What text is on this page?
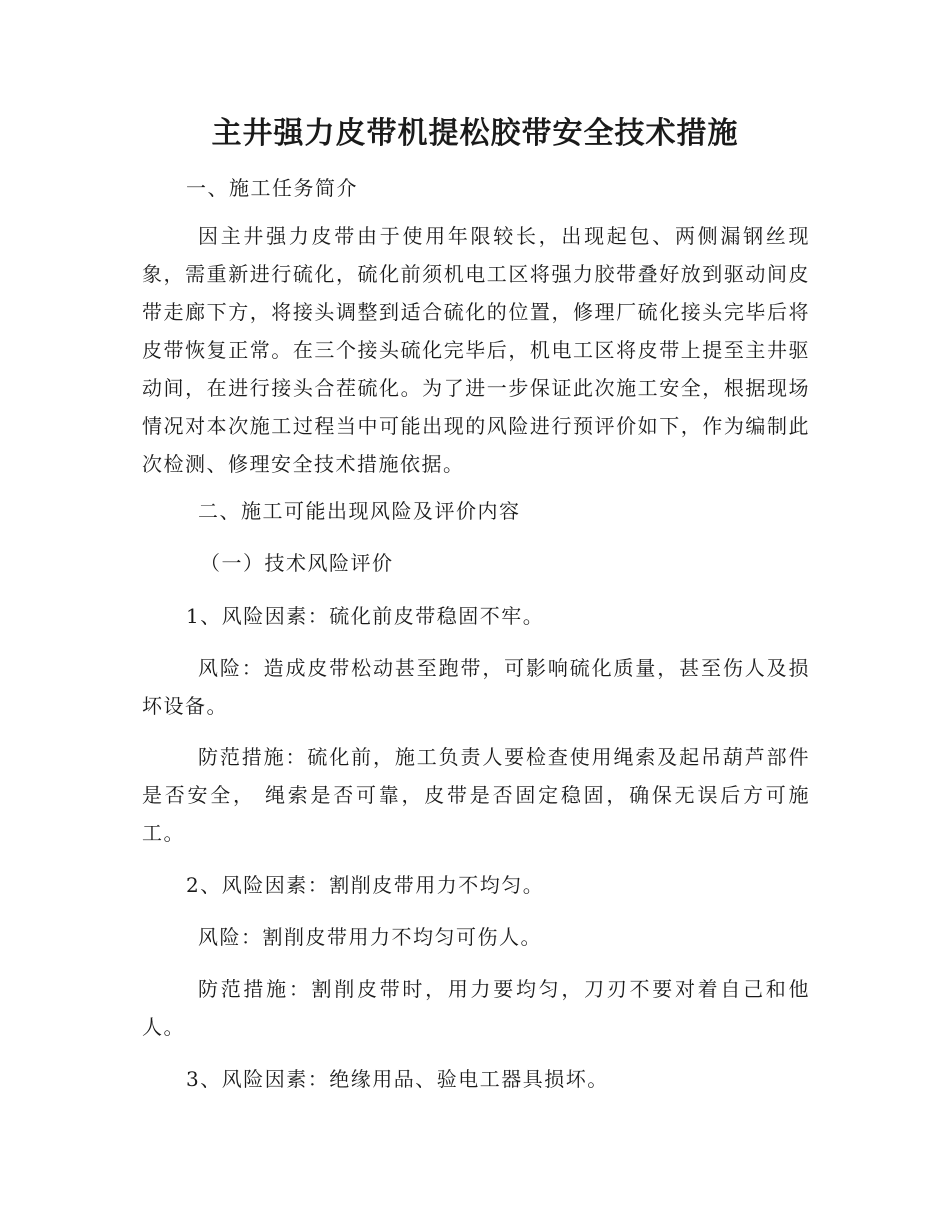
主井强力皮带机提松胶带安全技术措施

一、施工任务简介

因主井强力皮带由于使用年限较长，出现起包、两侧漏钢丝现象，需重新进行硫化，硫化前须机电工区将强力胶带叠好放到驱动间皮带走廊下方，将接头调整到适合硫化的位置，修理厂硫化接头完毕后将皮带恢复正常。在三个接头硫化完毕后，机电工区将皮带上提至主井驱动间，在进行接头合茬硫化。为了进一步保证此次施工安全，根据现场情况对本次施工过程当中可能出现的风险进行预评价如下，作为编制此次检测、修理安全技术措施依据。

二、施工可能出现风险及评价内容

（一）技术风险评价

1、风险因素：硫化前皮带稳固不牢。

风险：造成皮带松动甚至跑带，可影响硫化质量，甚至伤人及损坏设备。

防范措施：硫化前，施工负责人要检查使用绳索及起吊葫芦部件是否安全， 绳索是否可靠，皮带是否固定稳固，确保无误后方可施工。

2、风险因素：割削皮带用力不均匀。

风险：割削皮带用力不均匀可伤人。

防范措施：割削皮带时，用力要均匀，刀刃不要对着自己和他人。

3、风险因素：绝缘用品、验电工器具损坏。
